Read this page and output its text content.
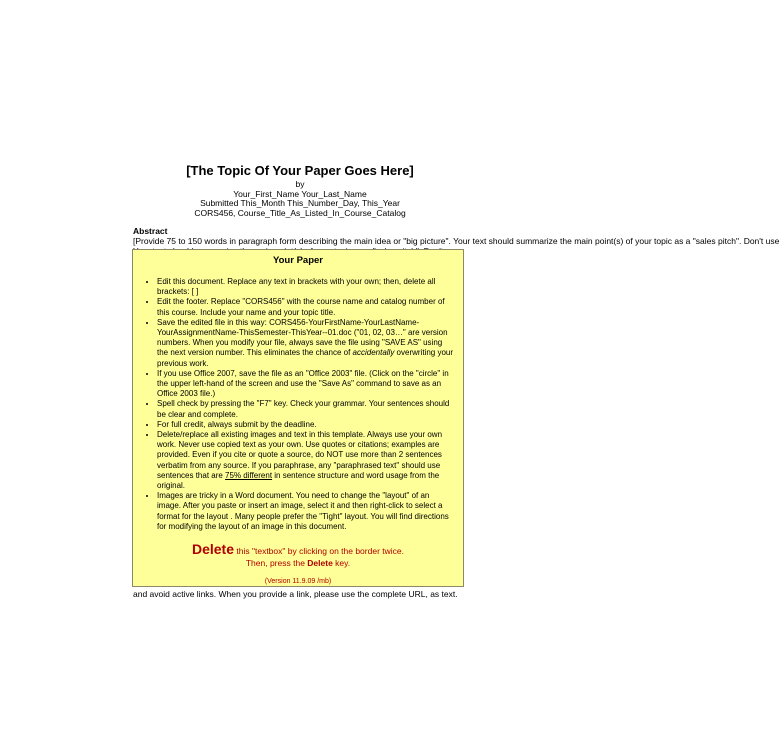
[The Topic Of Your Paper Goes Here]
by
Your_First_Name Your_Last_Name
Submitted This_Month This_Number_Day, This_Year
CORS456, Course_Title_As_Listed_In_Course_Catalog
Abstract
[Provide 75 to 150 words in paragraph form describing the main idea or "big picture". Your text should summarize the main point(s) of your topic as a "sales pitch". Don't use
and avoid active links. When you provide a link, please use the complete URL, as text.
Your Paper
• Edit this document. Replace any text in brackets with your own; then, delete all brackets: [ ]
• Edit the footer. Replace "CORS456" with the course name and catalog number of this course. Include your name and your topic title.
• Save the edited file in this way: CORS456-YourFirstName-YourLastName-YourAssignmentName-ThisSemester-ThisYear--01.doc ("01, 02, 03…" are version numbers. When you modify your file, always save the file using "SAVE AS" using the next version number. This eliminates the chance of accidentally overwriting your previous work.
• If you use Office 2007, save the file as an "Office 2003" file. (Click on the "circle" in the upper left-hand of the screen and use the "Save As" command to save as an Office 2003 file.)
• Spell check by pressing the "F7" key. Check your grammar. Your sentences should be clear and complete.
• For full credit, always submit by the deadline.
• Delete/replace all existing images and text in this template. Always use your own work. Never use copied text as your own. Use quotes or citations; examples are provided. Even if you cite or quote a source, do NOT use more than 2 sentences verbatim from any source. If you paraphrase, any "paraphrased text" should use sentences that are 75% different in sentence structure and word usage from the original.
• Images are tricky in a Word document. You need to change the "layout" of an image. After you paste or insert an image, select it and then right-click to select a format for the layout . Many people prefer the "Tight" layout. You will find directions for modifying the layout of an image in this document.
Delete this "textbox" by clicking on the border twice.
Then, press the Delete key.
(Version 11.9.09 /mb)
